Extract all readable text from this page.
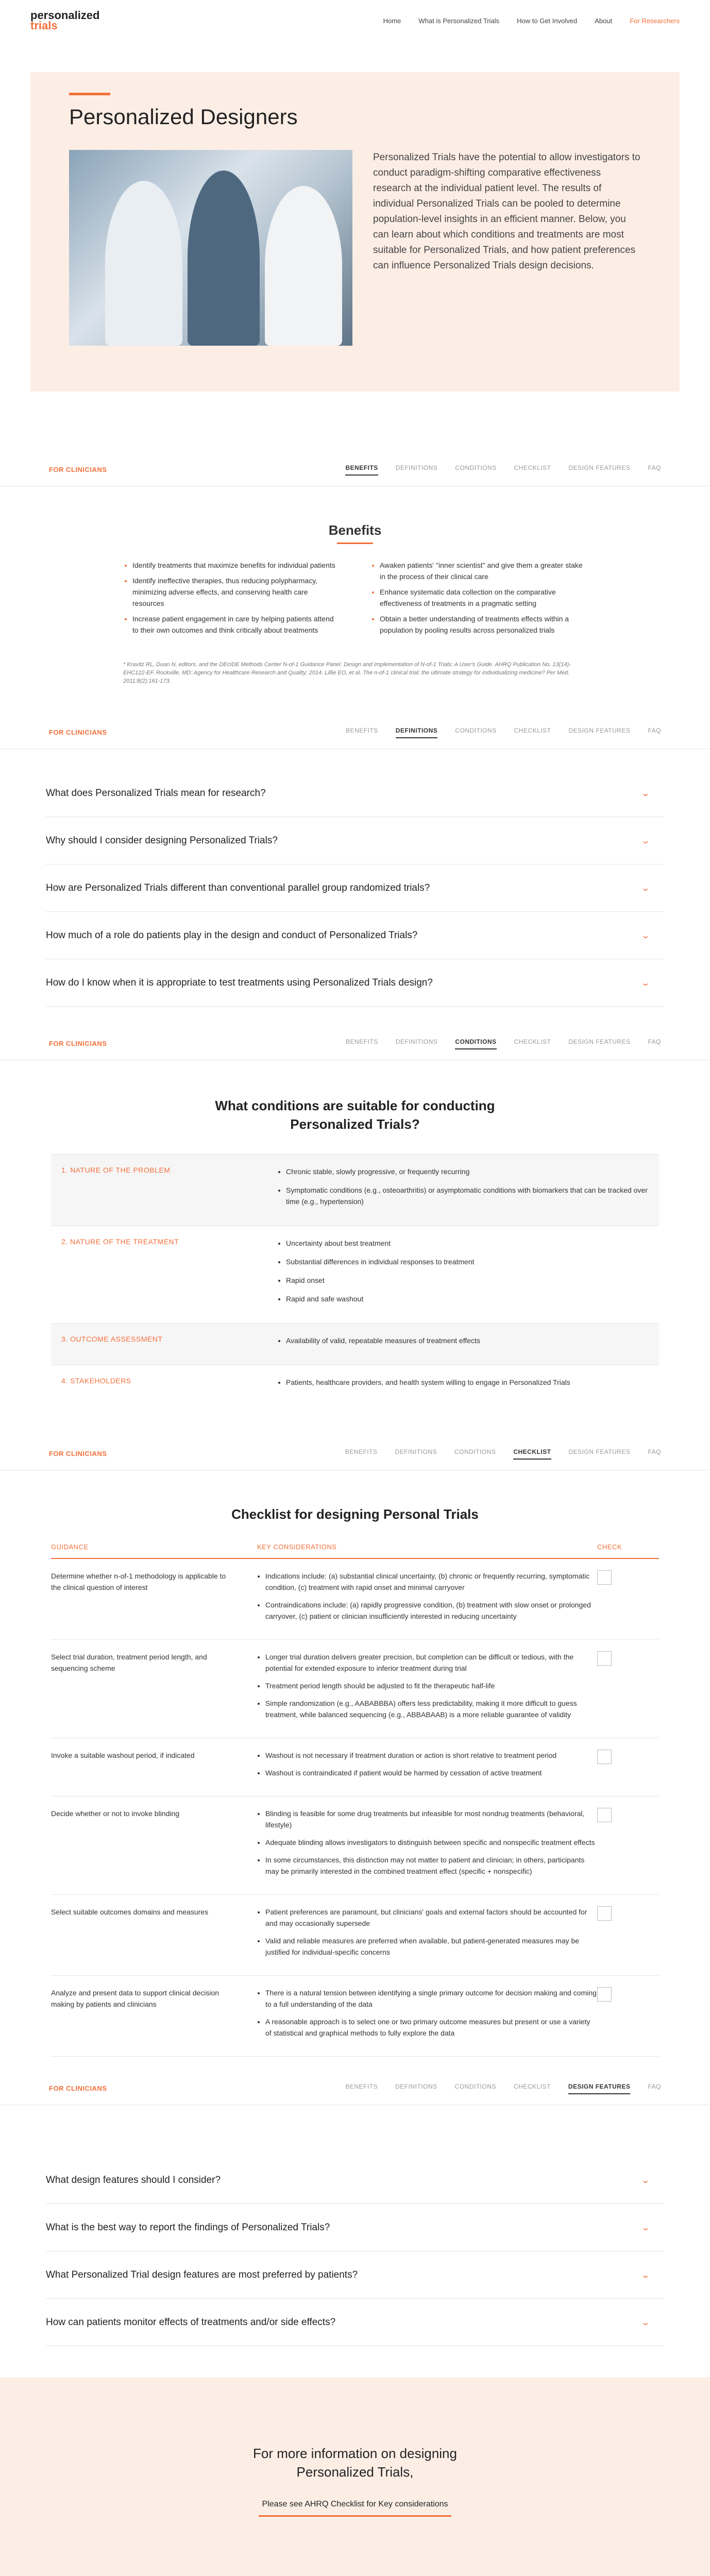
personalized
trials	Home	What is Personalized Trials	How to Get Involved	About	For Researchers
Personalized Designers

Personalized Trials have the potential to allow investigators to conduct paradigm-shifting comparative effectiveness research at the individual patient level. The results of individual Personalized Trials can be pooled to determine population-level insights in an efficient manner. Below, you can learn about which conditions and treatments are most suitable for Personalized Trials, and how patient preferences can influence Personalized Trials design decisions.

FOR CLINICIANS	BENEFITS	DEFINITIONS	CONDITIONS	CHECKLIST	DESIGN FEATURES	FAQ
Benefits
• Identify treatments that maximize benefits for individual patients
• Identify ineffective therapies, thus reducing polypharmacy, minimizing adverse effects, and conserving health care resources
• Increase patient engagement in care by helping patients attend to their own outcomes and think critically about treatments
• Awaken patients' "inner scientist" and give them a greater stake in the process of their clinical care
• Enhance systematic data collection on the comparative effectiveness of treatments in a pragmatic setting
• Obtain a better understanding of treatments effects within a population by pooling results across personalized trials

* Kravitz RL, Duan N, editors, and the DEcIDE Methods Center N-of-1 Guidance Panel. Design and Implementation of N-of-1 Trials: A User's Guide. AHRQ Publication No. 13(14)-EHC122-EF. Rockville, MD: Agency for Healthcare Research and Quality; 2014. Lillie EO, et al. The n-of-1 clinical trial: the ultimate strategy for individualizing medicine? Per Med. 2011;8(2):161-173.

FOR CLINICIANS	BENEFITS	DEFINITIONS	CONDITIONS	CHECKLIST	DESIGN FEATURES	FAQ
What does Personalized Trials mean for research?	⌄
Why should I consider designing Personalized Trials?	⌄
How are Personalized Trials different than conventional parallel group randomized trials?	⌄
How much of a role do patients play in the design and conduct of Personalized Trials?	⌄
How do I know when it is appropriate to test treatments using Personalized Trials design?	⌄
FOR CLINICIANS	BENEFITS	DEFINITIONS	CONDITIONS	CHECKLIST	DESIGN FEATURES	FAQ
What conditions are suitable for conducting Personalized Trials?
1. NATURE OF THE PROBLEM	• Chronic stable, slowly progressive, or frequently recurring
• Symptomatic conditions (e.g., osteoarthritis) or asymptomatic conditions with biomarkers that can be tracked over time (e.g., hypertension)
2. NATURE OF THE TREATMENT	• Uncertainty about best treatment
• Substantial differences in individual responses to treatment
• Rapid onset
• Rapid and safe washout
3. OUTCOME ASSESSMENT	• Availability of valid, repeatable measures of treatment effects
4. STAKEHOLDERS	• Patients, healthcare providers, and health system willing to engage in Personalized Trials
FOR CLINICIANS	BENEFITS	DEFINITIONS	CONDITIONS	CHECKLIST	DESIGN FEATURES	FAQ
Checklist for designing Personal Trials
GUIDANCE	KEY CONSIDERATIONS	CHECK
Determine whether n-of-1 methodology is applicable to the clinical question of interest
• Indications include: (a) substantial clinical uncertainty, (b) chronic or frequently recurring, symptomatic condition, (c) treatment with rapid onset and minimal carryover
• Contraindications include: (a) rapidly progressive condition, (b) treatment with slow onset or prolonged carryover, (c) patient or clinician insufficiently interested in reducing uncertainty
Select trial duration, treatment period length, and sequencing scheme
• Longer trial duration delivers greater precision, but completion can be difficult or tedious, with the potential for extended exposure to inferior treatment during trial
• Treatment period length should be adjusted to fit the therapeutic half-life
• Simple randomization (e.g., AABABBBA) offers less predictability, making it more difficult to guess treatment, while balanced sequencing (e.g., ABBABAAB) is a more reliable guarantee of validity
Invoke a suitable washout period, if indicated	• Washout is not necessary if treatment duration or action is short relative to treatment period
• Washout is contraindicated if patient would be harmed by cessation of active treatment
Decide whether or not to invoke blinding	• Blinding is feasible for some drug treatments but infeasible for most nondrug treatments (behavioral, lifestyle)
• Adequate blinding allows investigators to distinguish between specific and nonspecific treatment effects
• In some circumstances, this distinction may not matter to patient and clinician; in others, participants may be primarily interested in the combined treatment effect (specific + nonspecific)
Select suitable outcomes domains and measures	• Patient preferences are paramount, but clinicians' goals and external factors should be accounted for and may occasionally supersede
• Valid and reliable measures are preferred when available, but patient-generated measures may be justified for individual-specific concerns
Analyze and present data to support clinical decision making by patients and clinicians
• There is a natural tension between identifying a single primary outcome for decision making and coming to a full understanding of the data
• A reasonable approach is to select one or two primary outcome measures but present or use a variety of statistical and graphical methods to fully explore the data
FOR CLINICIANS	BENEFITS	DEFINITIONS	CONDITIONS	CHECKLIST	DESIGN FEATURES	FAQ
What design features should I consider?	⌄
What is the best way to report the findings of Personalized Trials?	⌄
What Personalized Trial design features are most preferred by patients?	⌄
How can patients monitor effects of treatments and/or side effects?	⌄
For more information on designing Personalized Trials,
Please see AHRQ Checklist for Key considerations
